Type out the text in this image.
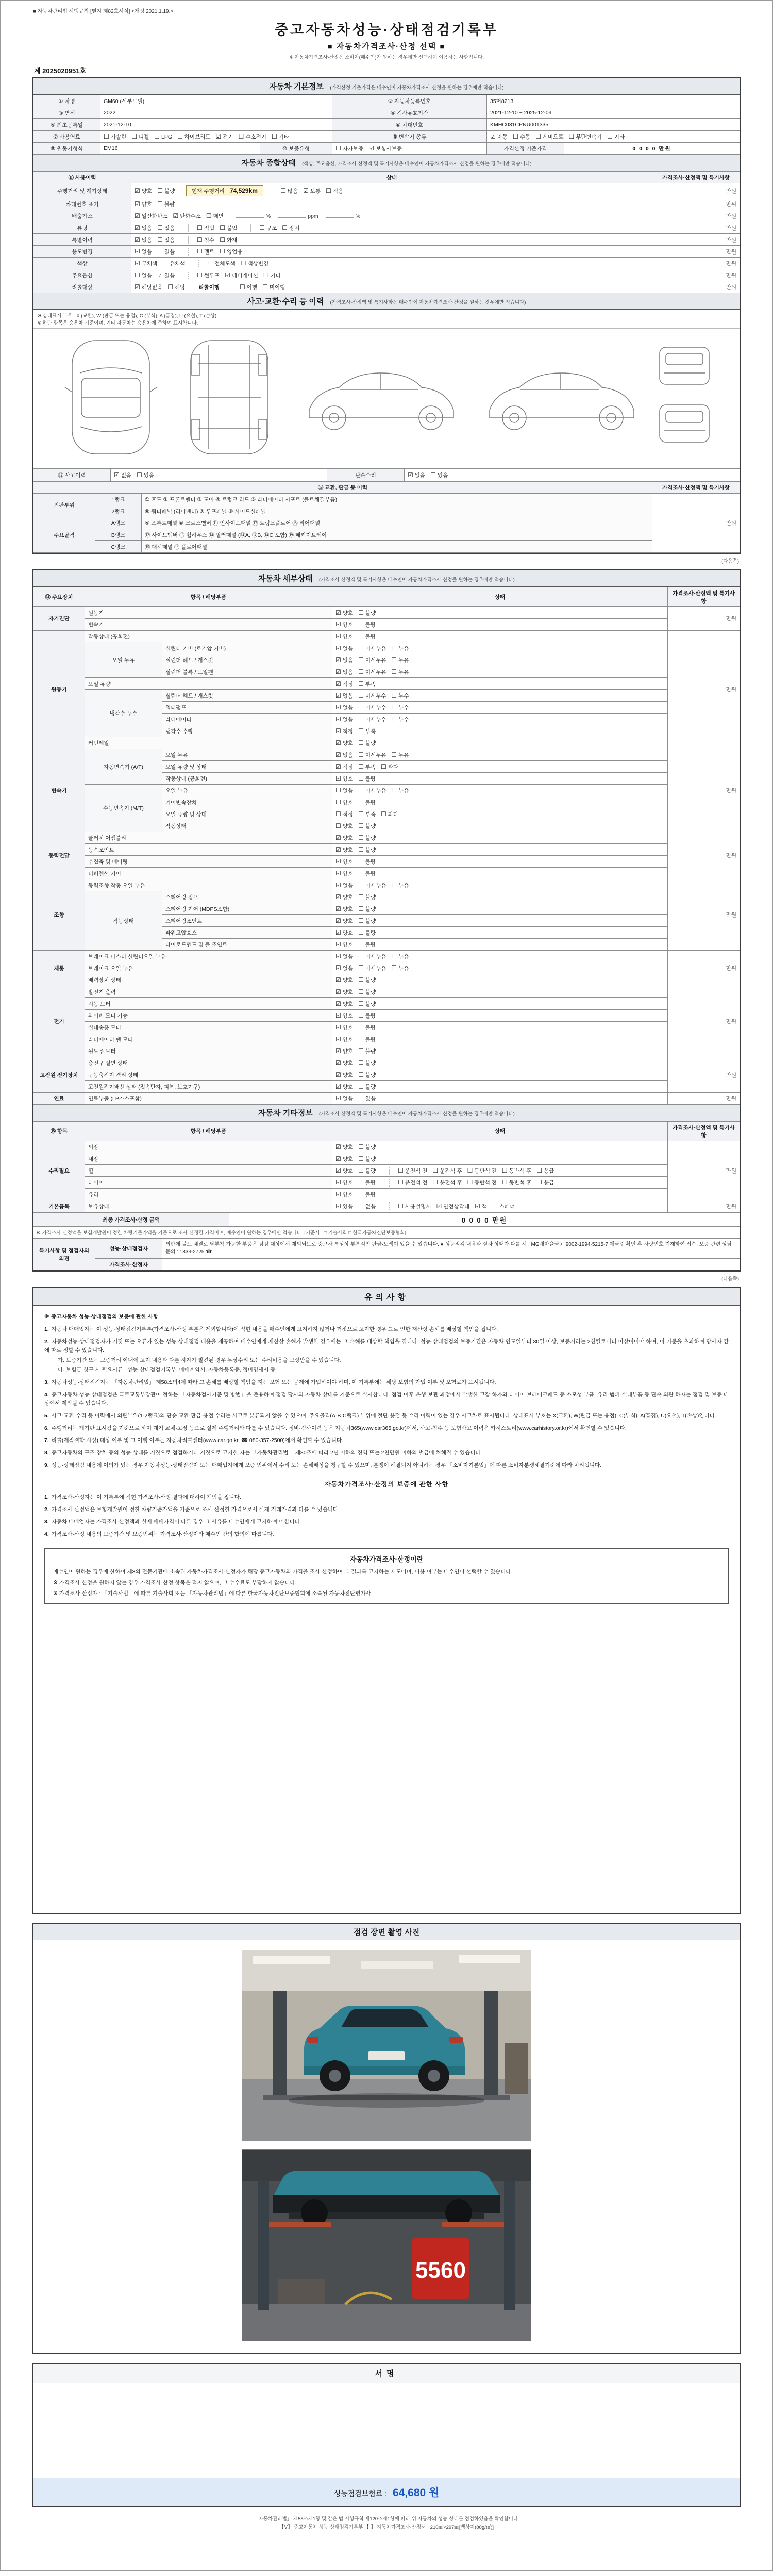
■ 자동차관리법 시행규칙 [별지 제82호서식] <개정 2021.1.19.>
중고자동차성능·상태점검기록부
■ 자동차가격조사·산정 선택 ■
※ 자동차가격조사·산정은 소비자(매수인)가 원하는 경우에만 선택하여 이용하는 사항입니다.
제 2025020951호
자동차 기본정보 (가격산정 기준가격은 매수인이 자동차가격조사·산정을 원하는 경우에만 적습니다)
① 차명	GM60 (세부모델)		② 자동차등록번호	35머8213	
③ 연식	2022		④ 검사유효기간	2021-12-10 ~ 2025-12-09	
⑤ 최초등록일	2021-12-10		⑥ 차대번호	KMHC031CPNU001335	
⑦ 사용연료	☐ 가솔린 ☐ 디젤 ☐ LPG ☐ 하이브리드 ☑ 전기 ☐ 수소전기 ☐ 기타		⑧ 변속기 종류	☑ 자동 ☐ 수동 ☐ 세미오토 ☐ 무단변속기 ☐ 기타	
⑨ 원동기형식	EM16	⑩ 보증유형	☐ 자가보증 ☑ 보험사보증	가격산정 기준가격	0 0 0 0 만원
자동차 종합상태 (색상, 주요옵션, 가격조사·산정액 및 특기사항은 매수인이 자동차가격조사·산정을 원하는 경우에만 적습니다)
⑪ 사용이력	상태	가격조사·산정액 및 특기사항
주행거리 및 계기상태	☑ 양호 ☐ 불량 현재 주행거리 74,529km ☐ 많음 ☑ 보통 ☐ 적음	만원
차대번호 표기	☑ 양호 ☐ 불량	만원
배출가스	☑ 일산화탄소 ☑ 탄화수소 ☐ 매연 % ppm %	만원
튜닝	☑ 없음 ☐ 있음 ☐ 적법 ☐ 불법 ☐ 구조 ☐ 장치	만원
특별이력	☑ 없음 ☐ 있음 ☐ 침수 ☐ 화재	만원
용도변경	☑ 없음 ☐ 있음 ☐ 렌트 ☐ 영업용	만원
색상	☑ 무채색 ☐ 유채색 ☐ 전체도색 ☐ 색상변경	만원
주요옵션	☐ 없음 ☑ 있음 ☐ 썬루프 ☑ 네비게이션 ☐ 기타	만원
리콜대상	☑ 해당없음 ☐ 해당 리콜이행 ☐ 이행 ☐ 미이행	만원
사고·교환·수리 등 이력 (가격조사·산정액 및 특기사항은 매수인이 자동차가격조사·산정을 원하는 경우에만 적습니다)
※ 상태표시 부호 : X (교환), W (판금 또는 용접), C (부식), A (흠집), U (요철), T (손상)
※ 하단 항목은 승용차 기준이며, 기타 자동차는 승용차에 준하여 표시합니다.
⑫ 사고이력	☑ 없음 ☐ 있음	단순수리	☑ 없음 ☐ 있음
⑬ 교환, 판금 등 이력			가격조사·산정액 및 특기사항
외판부위	1랭크	① 후드 ② 프론트펜더 ③ 도어 ④ 트렁크 리드 ⑤ 라디에이터 서포트 (볼트체결부품)	만원
	2랭크	⑥ 쿼터패널 (리어펜더) ⑦ 루프패널 ⑧ 사이드실패널	
주요골격	A랭크	⑨ 프론트패널 ⑩ 크로스멤버 ⑪ 인사이드패널 ⑰ 트렁크플로어 ⑱ 리어패널	
	B랭크	⑫ 사이드멤버 ⑬ 휠하우스 ⑭ 필러패널 (⑭A, ⑭B, ⑭C 포함) ⑲ 패키지트레이	
	C랭크	⑮ 대시패널 ⑯ 플로어패널	
(다음쪽)
자동차 세부상태 (가격조사·산정액 및 특기사항은 매수인이 자동차가격조사·산정을 원하는 경우에만 적습니다)
⑭ 주요장치	항목 / 해당부품		상태	가격조사·산정액 및 특기사항
자기진단	원동기		☑ 양호 ☐ 불량	만원
	변속기		☑ 양호 ☐ 불량	
원동기	작동상태 (공회전)		☑ 양호 ☐ 불량	만원
	오일 누유	실린더 커버 (로커암 커버)	☑ 없음 ☐ 미세누유 ☐ 누유	
		실린더 헤드 / 개스킷	☑ 없음 ☐ 미세누유 ☐ 누유	
		실린더 블록 / 오일팬	☑ 없음 ☐ 미세누유 ☐ 누유	
	오일 유량		☑ 적정 ☐ 부족	
	냉각수 누수	실린더 헤드 / 개스킷	☑ 없음 ☐ 미세누수 ☐ 누수	
		워터펌프	☑ 없음 ☐ 미세누수 ☐ 누수	
		라디에이터	☑ 없음 ☐ 미세누수 ☐ 누수	
		냉각수 수량	☑ 적정 ☐ 부족	
	커먼레일		☑ 양호 ☐ 불량	
변속기	자동변속기 (A/T)	오일 누유	☑ 없음 ☐ 미세누유 ☐ 누유	만원
		오일 유량 및 상태	☑ 적정 ☐ 부족 ☐ 과다	
		작동상태 (공회전)	☑ 양호 ☐ 불량	
	수동변속기 (M/T)	오일 누유	☐ 없음 ☐ 미세누유 ☐ 누유	
		기어변속장치	☐ 양호 ☐ 불량	
		오일 유량 및 상태	☐ 적정 ☐ 부족 ☐ 과다	
		작동상태	☐ 양호 ☐ 불량	
동력전달	클러치 어셈블리		☑ 양호 ☐ 불량	만원
	등속조인트		☑ 양호 ☐ 불량	
	추진축 및 베어링		☑ 양호 ☐ 불량	
	디퍼렌셜 기어		☑ 양호 ☐ 불량	
조향	동력조향 작동 오일 누유		☑ 없음 ☐ 미세누유 ☐ 누유	만원
	작동상태	스티어링 펌프	☑ 양호 ☐ 불량	
		스티어링 기어 (MDPS포함)	☑ 양호 ☐ 불량	
		스티어링조인트	☑ 양호 ☐ 불량	
		파워고압호스	☑ 양호 ☐ 불량	
		타이로드엔드 및 볼 조인트	☑ 양호 ☐ 불량	
제동	브레이크 마스터 실린더오일 누유		☑ 없음 ☐ 미세누유 ☐ 누유	만원
	브레이크 오일 누유		☑ 없음 ☐ 미세누유 ☐ 누유	
	배력장치 상태		☑ 양호 ☐ 불량	
전기	발전기 출력		☑ 양호 ☐ 불량	만원
	시동 모터		☑ 양호 ☐ 불량	
	와이퍼 모터 기능		☑ 양호 ☐ 불량	
	실내송풍 모터		☑ 양호 ☐ 불량	
	라디에이터 팬 모터		☑ 양호 ☐ 불량	
	윈도우 모터		☑ 양호 ☐ 불량	
고전원 전기장치	충전구 절연 상태		☑ 양호 ☐ 불량	만원
	구동축전지 격리 상태		☑ 양호 ☐ 불량	
	고전원전기배선 상태 (접속단자, 피복, 보호기구)		☑ 양호 ☐ 불량	
연료	연료누출 (LP가스포함)		☑ 없음 ☐ 있음	만원
자동차 기타정보 (가격조사·산정액 및 특기사항은 매수인이 자동차가격조사·산정을 원하는 경우에만 적습니다)
⑮ 항목	항목 / 해당부품	상태	가격조사·산정액 및 특기사항
수리필요	외장	☑ 양호 ☐ 불량	만원
	내장	☑ 양호 ☐ 불량	
	휠	☑ 양호 ☐ 불량 ☐ 운전석 전 ☐ 운전석 후 ☐ 동반석 전 ☐ 동반석 후 ☐ 응급	
	타이어	☑ 양호 ☐ 불량 ☐ 운전석 전 ☐ 운전석 후 ☐ 동반석 전 ☐ 동반석 후 ☐ 응급	
	유리	☑ 양호 ☐ 불량	
기본품목	보유상태	☑ 있음 ☐ 없음 ☐ 사용설명서 ☑ 안전삼각대 ☑ 잭 ☐ 스패너	만원
최종 가격조사·산정 금액	0 0 0 0 만원
※ 가격조사·산정액은 보험개발원이 정한 차량기준가액을 기준으로 조사·산정한 가격이며, 매수인이 원하는 경우에만 적습니다. [기준서 : □ 기술사회 □ 한국자동차진단보증협회]
특기사항 및 점검자의 의견	성능·상태점검자	외판에 볼트 체결로 탈부착 가능한 부품은 점검 대상에서 제외되므로 중고차 특성상 부분적인 판금·도색이 있을 수 있습니다. ● 성능점검 내용과 실차 상태가 다를 시 : MG새마을금고 9002-1994-5215-7 예금주 확인 후 차량번호 기재하여 접수, 보증 관련 상담 문의 : 1833-2725 ☎
	가격조사·산정자	
(다음쪽)
유의사항
※ 중고자동차 성능·상태점검의 보증에 관한 사항
1. 자동차 매매업자는 이 성능·상태점검기록부(가격조사·산정 부분은 제외합니다)에 적힌 내용을 매수인에게 고지하지 않거나 거짓으로 고지한 경우 그로 인한 재산상 손해를 배상할 책임을 집니다.
2. 자동차성능·상태점검자가 거짓 또는 오류가 있는 성능·상태점검 내용을 제공하여 매수인에게 재산상 손해가 발생한 경우에는 그 손해를 배상할 책임을 집니다. 성능·상태점검의 보증기간은 자동차 인도일부터 30일 이상, 보증거리는 2천킬로미터 이상이어야 하며, 이 기준을 초과하여 당사자 간에 따로 정할 수 있습니다.
가. 보증기간 또는 보증거리 이내에 고지 내용과 다른 하자가 발견된 경우 무상수리 또는 수리비용을 보상받을 수 있습니다.
나. 보험금 청구 시 필요서류 : 성능·상태점검기록부, 매매계약서, 자동차등록증, 정비명세서 등
3. 자동차성능·상태점검자는 「자동차관리법」 제58조의4에 따라 그 손해를 배상할 책임을 지는 보험 또는 공제에 가입하여야 하며, 이 기록부에는 해당 보험의 가입 여부 및 보험료가 표시됩니다.
4. 중고자동차 성능·상태점검은 국토교통부장관이 정하는 「자동차검사기준 및 방법」을 준용하여 점검 당시의 자동차 상태를 기준으로 실시합니다. 점검 이후 운행·보관 과정에서 발생한 고장·하자와 타이어·브레이크패드 등 소모성 부품, 유리·범퍼·실내부품 등 단순 외관 하자는 점검 및 보증 대상에서 제외될 수 있습니다.
5. 사고·교환·수리 등 이력에서 외판부위(1·2랭크)의 단순 교환·판금·용접 수리는 사고로 분류되지 않을 수 있으며, 주요골격(A·B·C랭크) 부위에 절단·용접 등 수리 이력이 있는 경우 사고차로 표시됩니다. 상태표시 부호는 X(교환), W(판금 또는 용접), C(부식), A(흠집), U(요철), T(손상)입니다.
6. 주행거리는 계기판 표시값을 기준으로 하며 계기 교체·고장 등으로 실제 주행거리와 다를 수 있습니다. 정비·검사이력 등은 자동차365(www.car365.go.kr)에서, 사고·침수 등 보험사고 이력은 카히스토리(www.carhistory.or.kr)에서 확인할 수 있습니다.
7. 리콜(제작결함 시정) 대상 여부 및 그 이행 여부는 자동차리콜센터(www.car.go.kr, ☎ 080-357-2500)에서 확인할 수 있습니다.
8. 중고자동차의 구조·장치 등의 성능·상태를 거짓으로 점검하거나 거짓으로 고지한 자는 「자동차관리법」 제80조에 따라 2년 이하의 징역 또는 2천만원 이하의 벌금에 처해질 수 있습니다.
9. 성능·상태점검 내용에 이의가 있는 경우 자동차성능·상태점검자 또는 매매업자에게 보증 범위에서 수리 또는 손해배상을 청구할 수 있으며, 분쟁이 해결되지 아니하는 경우 「소비자기본법」에 따른 소비자분쟁해결기준에 따라 처리됩니다.
자동차가격조사·산정의 보증에 관한 사항
1. 가격조사·산정자는 이 기록부에 적힌 가격조사·산정 결과에 대하여 책임을 집니다.
2. 가격조사·산정액은 보험개발원이 정한 차량기준가액을 기준으로 조사·산정한 가격으로서 실제 거래가격과 다를 수 있습니다.
3. 자동차 매매업자는 가격조사·산정액과 실제 매매가격이 다른 경우 그 사유를 매수인에게 고지하여야 합니다.
4. 가격조사·산정 내용의 보증기간 및 보증범위는 가격조사·산정자와 매수인 간의 합의에 따릅니다.
자동차가격조사·산정이란
매수인이 원하는 경우에 한하여 제3의 전문기관에 소속된 자동차가격조사·산정자가 해당 중고자동차의 가격을 조사·산정하여 그 결과를 고지하는 제도이며, 이용 여부는 매수인이 선택할 수 있습니다.
※ 가격조사·산정을 원하지 않는 경우 가격조사·산정 항목은 적지 않으며, 그 수수료도 부담하지 않습니다.
※ 가격조사·산정자 : 「기술사법」에 따른 기술사회 또는 「자동차관리법」에 따른 한국자동차진단보증협회에 소속된 자동차진단평가사
점검 장면 촬영 사진
5560
서명
성능점검보험료 : 64,680 원
「자동차관리법」 제58조제1항 및 같은 법 시행규칙 제120조제1항에 따라 위 자동차의 성능·상태를 점검하였음을 확인합니다.
【Ⅴ】 중고자동차 성능·상태점검기록부 【 】 자동차가격조사·산정서 · 210㎜×297㎜[백상지(80g/㎡)]
